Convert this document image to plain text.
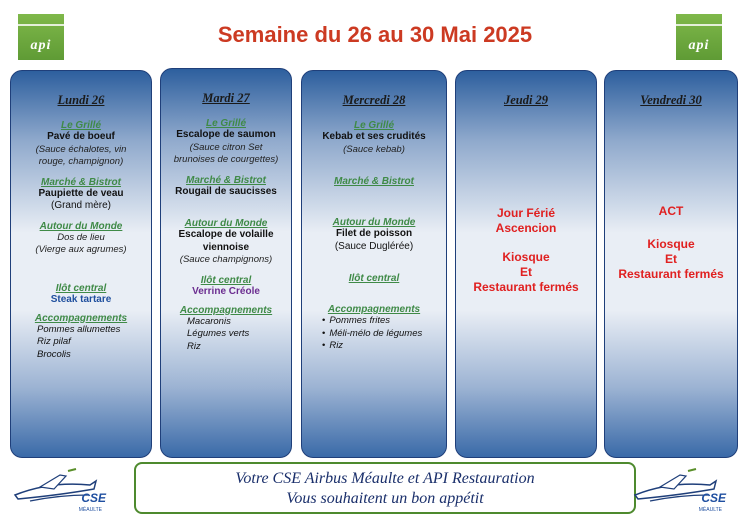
api	api
Semaine du 26 au 30 Mai 2025
Lundi 26
Le Grillé
Pavé de boeuf
(Sauce échalotes, vin
rouge, champignon)
Marché & Bistrot
Paupiette de veau
(Grand mère)
Autour du Monde
Dos de lieu
(Vierge aux agrumes)
Ilôt central
Steak tartare
Accompagnements
Pommes allumettes
Riz pilaf
Brocolis
Mardi 27
Le Grillé
Escalope de saumon
(Sauce citron Set
brunoises de courgettes)
Marché & Bistrot
Rougail de saucisses
Autour du Monde
Escalope de volaille
viennoise
(Sauce champignons)
Ilôt central
Verrine Créole
Accompagnements
Macaronis
Légumes verts
Riz
Mercredi 28
Le Grillé
Kebab et ses crudités
(Sauce kebab)
Marché & Bistrot
Autour du Monde
Filet de poisson
(Sauce Duglérée)
Ilôt central
Accompagnements
• Pommes frites
• Méli-mélo de légumes
• Riz
Jeudi 29
Jour Férié
Ascencion
Kiosque
Et
Restaurant fermés
Vendredi 30
ACT
Kiosque
Et
Restaurant fermés
Votre CSE Airbus Méaulte et API Restauration
Vous souhaitent un bon appétit
CSE
MÉAULTE
CSE
MÉAULTE
